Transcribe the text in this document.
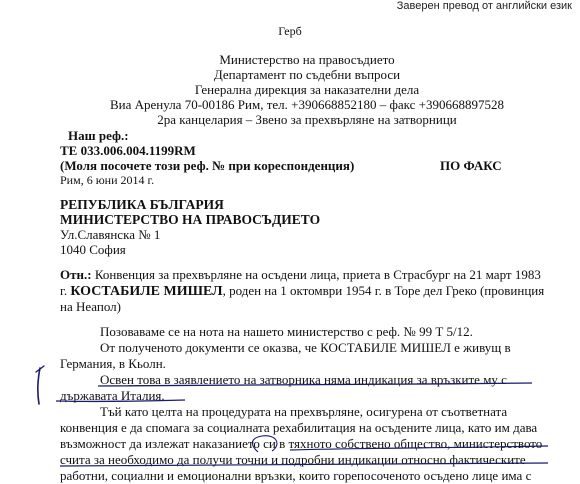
Заверен превод от английски език
Герб
Министерство на правосъдието
Департамент по съдебни въпроси
Генерална дирекция за наказателни дела
Виа Аренула 70-00186 Рим, тел. +390668852180 – факс +390668897528
2ра канцелария – Звено за прехвърляне на затворници
Наш реф.:
TE 033.006.004.1199RM
(Моля посочете този реф. № при кореспонденция)	ПО ФАКС
Рим, 6 юни 2014 г.
РЕПУБЛИКА БЪЛГАРИЯ
МИНИСТЕРСТВО НА ПРАВОСЪДИЕТО
Ул.Славянска № 1
1040 София
Отн.: Конвенция за прехвърляне на осъдени лица, приета в Страсбург на 21 март 1983
г. КОСТАБИЛЕ МИШЕЛ, роден на 1 октомври 1954 г. в Торе дел Греко (провинция
на Неапол)
Позоваваме се на нота на нашето министерство с реф. № 99 Т 5/12.
От полученото документи се оказва, че КОСТАБИЛЕ МИШЕЛ е живущ в
Германия, в Кьолн.
Освен това в заявлението на затворника няма индикация за връзките му с
държавата Италия.
Тъй като целта на процедурата на прехвърляне, осигурена от съответната
конвенция е да спомага за социалната рехабилитация на осъдените лица, като им дава
възможност да излежат наказанието си в тяхното собствено общество, министерството
счита за необходимо да получи точни и подробни индикации относно фактическите
работни, социални и емоционални връзки, които горепосоченото осъдено лице има с
